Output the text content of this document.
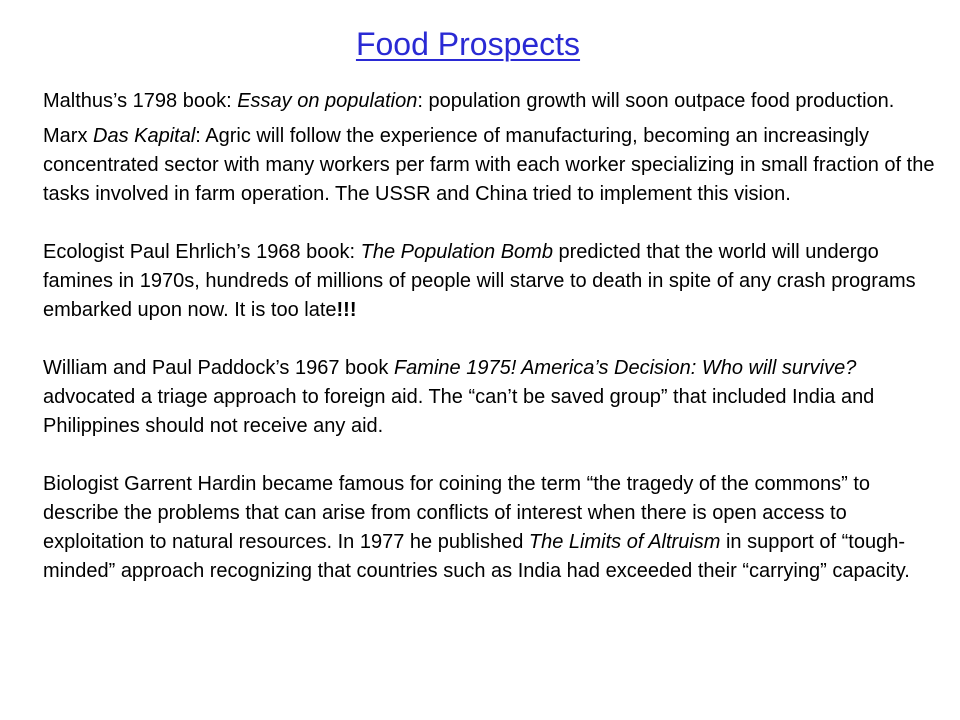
Food Prospects

Malthus’s 1798 book: Essay on population: population growth will soon outpace food production.

Marx Das Kapital: Agric will follow the experience of manufacturing, becoming an increasingly concentrated sector with many workers per farm with each worker specializing in small fraction of the tasks involved in farm operation. The USSR and China tried to implement this vision.

Ecologist Paul Ehrlich’s 1968 book: The Population Bomb predicted that the world will undergo famines in 1970s, hundreds of millions of people will starve to death in spite of any crash programs embarked upon now. It is too late!!!

William and Paul Paddock’s 1967 book Famine 1975! America’s Decision: Who will survive? advocated a triage approach to foreign aid. The “can’t be saved group” that included India and Philippines should not receive any aid.

Biologist Garrent Hardin became famous for coining the term “the tragedy of the commons” to describe the problems that can arise from conflicts of interest when there is open access to exploitation to natural resources. In 1977 he published The Limits of Altruism in support of “tough-minded” approach recognizing that countries such as India had exceeded their “carrying” capacity.
